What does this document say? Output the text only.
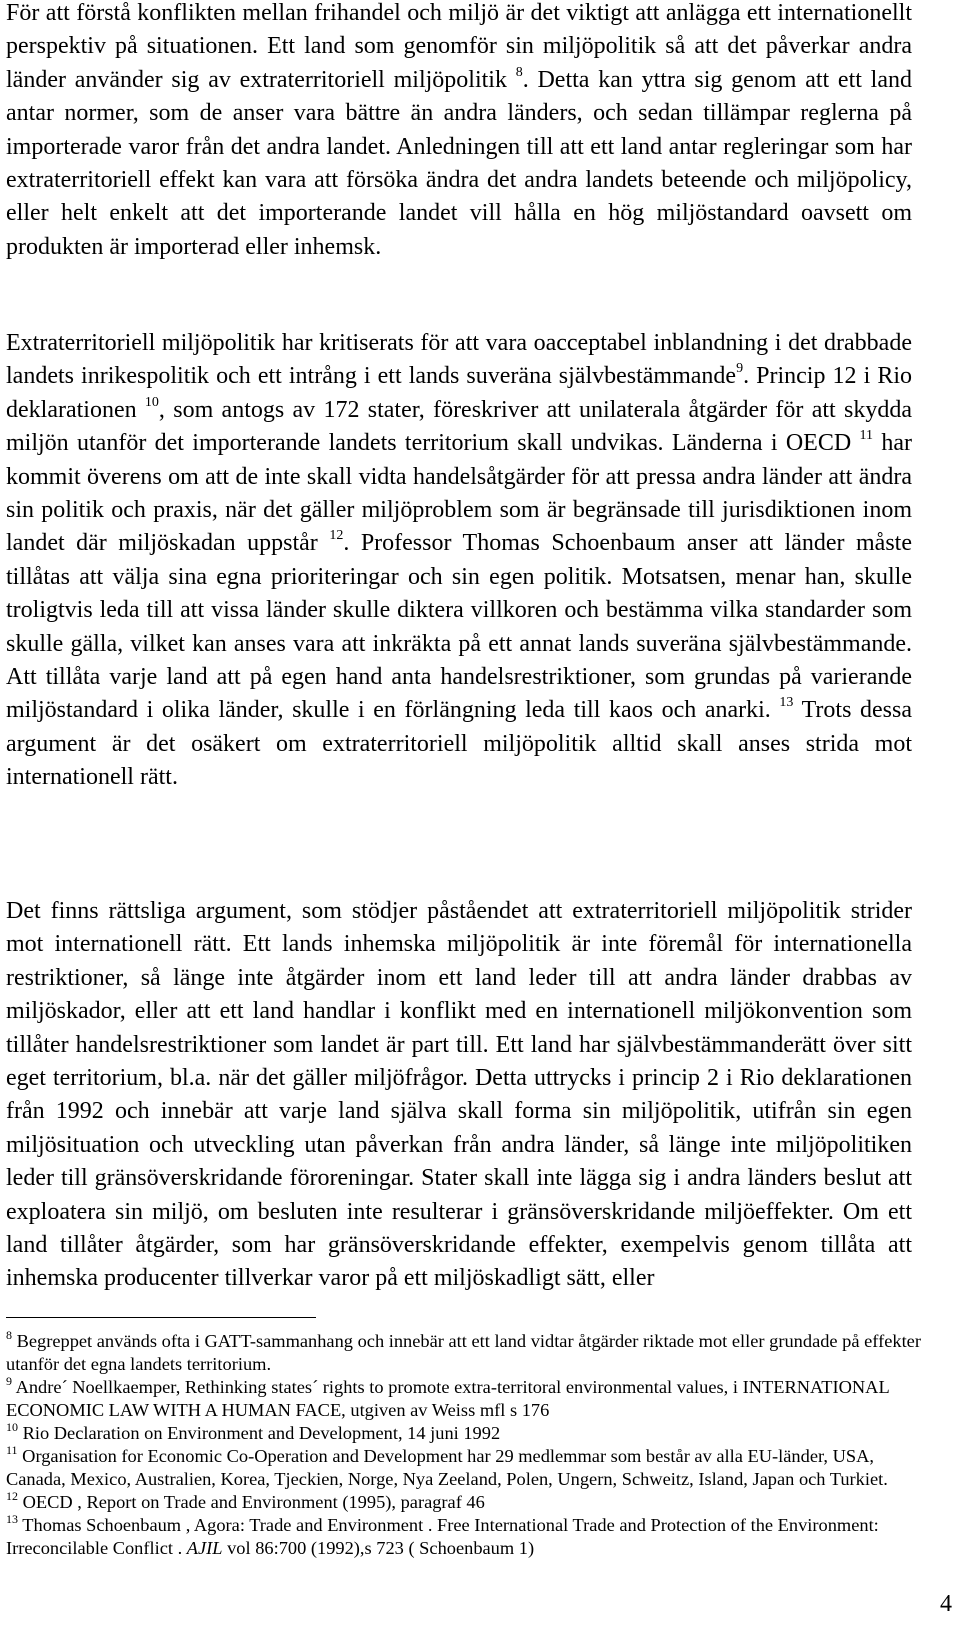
För att förstå konflikten mellan frihandel och miljö är det viktigt att anlägga ett internationellt perspektiv på situationen. Ett land som genomför sin miljöpolitik så att det påverkar andra länder använder sig av extraterritoriell miljöpolitik $^8$. Detta kan yttra sig genom att ett land antar normer, som de anser vara bättre än andra länders, och sedan tillämpar reglerna på importerade varor från det andra landet. Anledningen till att ett land antar regleringar som har extraterritoriell effekt kan vara att försöka ändra det andra landets beteende och miljöpolicy, eller helt enkelt att det importerande landet vill hålla en hög miljöstandard oavsett om produkten är importerad eller inhemsk.

Extraterritoriell miljöpolitik har kritiserats för att vara oacceptabel inblandning i det drabbade landets inrikespolitik och ett intrång i ett lands suveräna självbestämmande$^9$. Princip 12 i Rio deklarationen $^{10}$, som antogs av 172 stater, föreskriver att unilaterala åtgärder för att skydda miljön utanför det importerande landets territorium skall undvikas. Länderna i OECD $^{11}$ har kommit överens om att de inte skall vidta handelsåtgärder för att pressa andra länder att ändra sin politik och praxis, när det gäller miljöproblem som är begränsade till jurisdiktionen inom landet där miljöskadan uppstår $^{12}$. Professor Thomas Schoenbaum anser att länder måste tillåtas att välja sina egna prioriteringar och sin egen politik. Motsatsen, menar han, skulle troligtvis leda till att vissa länder skulle diktera villkoren och bestämma vilka standarder som skulle gälla, vilket kan anses vara att inkräkta på ett annat lands suveräna självbestämmande. Att tillåta varje land att på egen hand anta handelsrestriktioner, som grundas på varierande miljöstandard i olika länder, skulle i en förlängning leda till kaos och anarki. $^{13}$ Trots dessa argument är det osäkert om extraterritoriell miljöpolitik alltid skall anses strida mot internationell rätt.

Det finns rättsliga argument, som stödjer påståendet att extraterritoriell miljöpolitik strider mot internationell rätt. Ett lands inhemska miljöpolitik är inte föremål för internationella restriktioner, så länge inte åtgärder inom ett land leder till att andra länder drabbas av miljöskador, eller att ett land handlar i konflikt med en internationell miljökonvention som tillåter handelsrestriktioner som landet är part till. Ett land har självbestämmanderätt över sitt eget territorium, bl.a. när det gäller miljöfrågor. Detta uttrycks i princip 2 i Rio deklarationen från 1992 och innebär att varje land själva skall forma sin miljöpolitik, utifrån sin egen miljösituation och utveckling utan påverkan från andra länder, så länge inte miljöpolitiken leder till gränsöverskridande föroreningar. Stater skall inte lägga sig i andra länders beslut att exploatera sin miljö, om besluten inte resulterar i gränsöverskridande miljöeffekter. Om ett land tillåter åtgärder, som har gränsöverskridande effekter, exempelvis genom tillåta att inhemska producenter tillverkar varor på ett miljöskadligt sätt, eller

$^8$ Begreppet används ofta i GATT-sammanhang och innebär att ett land vidtar åtgärder riktade mot eller grundade på effekter utanför det egna landets territorium.

$^9$ Andre´ Noellkaemper, Rethinking states´ rights to promote extra-territoral environmental values, i INTERNATIONAL ECONOMIC LAW WITH A HUMAN FACE, utgiven av Weiss mfl s 176

$^{10}$ Rio Declaration on Environment and Development, 14 juni 1992

$^{11}$ Organisation for Economic Co-Operation and Development har 29 medlemmar som består av alla EU-länder, USA, Canada, Mexico, Australien, Korea, Tjeckien, Norge, Nya Zeeland, Polen, Ungern, Schweitz, Island, Japan och Turkiet.

$^{12}$ OECD , Report on Trade and Environment (1995), paragraf 46

$^{13}$ Thomas Schoenbaum , Agora: Trade and Environment . Free International Trade and Protection of the Environment: Irreconcilable Conflict . AJIL vol 86:700 (1992),s 723 ( Schoenbaum 1)

4
